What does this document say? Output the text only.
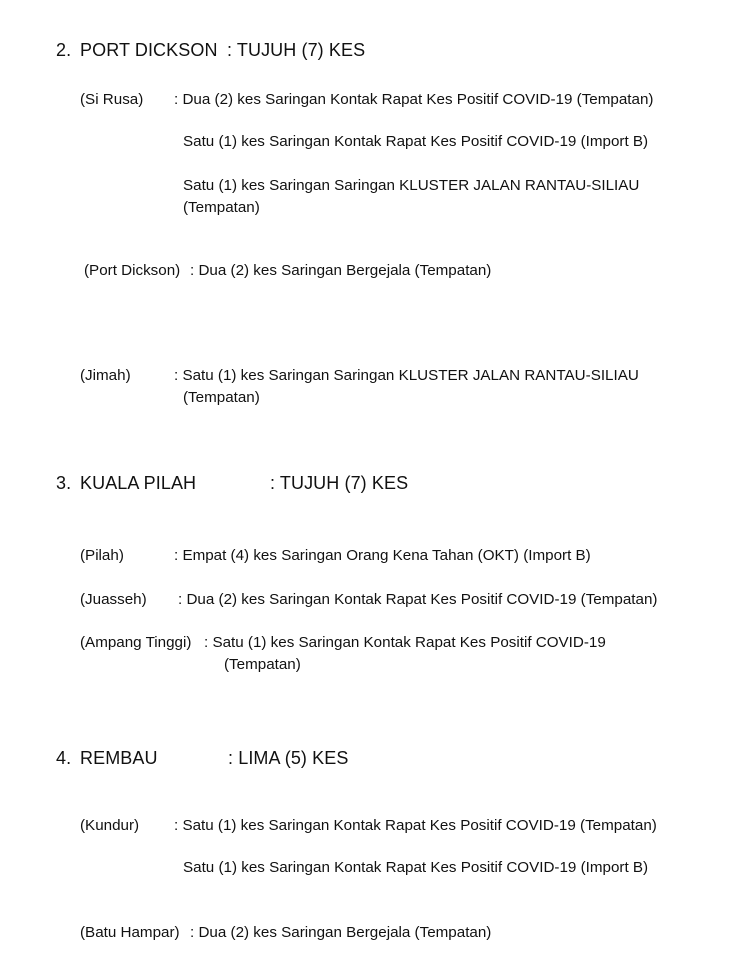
2. PORT DICKSON : TUJUH (7) KES
(Si Rusa) : Dua (2) kes Saringan Kontak Rapat Kes Positif COVID-19 (Tempatan)
Satu (1) kes Saringan Kontak Rapat Kes Positif COVID-19 (Import B)
Satu (1) kes Saringan Saringan KLUSTER JALAN RANTAU-SILIAU
(Tempatan)
(Port Dickson) : Dua (2) kes Saringan Bergejala (Tempatan)
(Jimah)	: Satu (1) kes Saringan Saringan KLUSTER JALAN RANTAU-SILIAU
(Tempatan)
3. KUALA PILAH	: TUJUH (7) KES
(Pilah)	: Empat (4) kes Saringan Orang Kena Tahan (OKT) (Import B)
(Juasseh) : Dua (2) kes Saringan Kontak Rapat Kes Positif COVID-19 (Tempatan)
(Ampang Tinggi) : Satu (1) kes Saringan Kontak Rapat Kes Positif COVID-19
(Tempatan)
4. REMBAU	: LIMA (5) KES
(Kundur) : Satu (1) kes Saringan Kontak Rapat Kes Positif COVID-19 (Tempatan)
Satu (1) kes Saringan Kontak Rapat Kes Positif COVID-19 (Import B)
(Batu Hampar) : Dua (2) kes Saringan Bergejala (Tempatan)
